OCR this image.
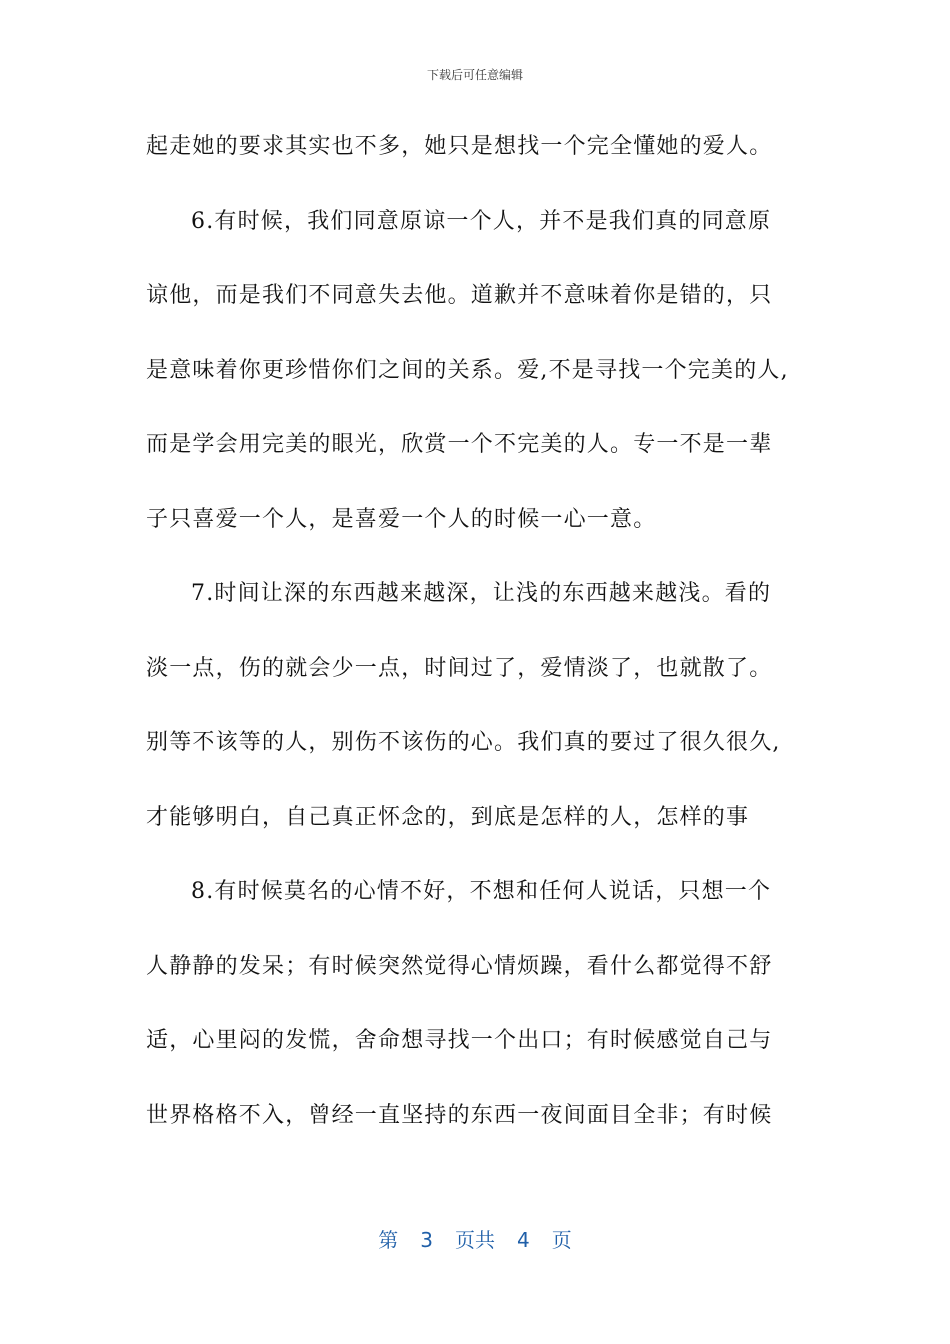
下载后可任意编辑
起走她的要求其实也不多，她只是想找一个完全懂她的爱人。
6.有时候，我们同意原谅一个人，并不是我们真的同意原
谅他，而是我们不同意失去他。道歉并不意味着你是错的，只
是意味着你更珍惜你们之间的关系。爱,不是寻找一个完美的人,
而是学会用完美的眼光，欣赏一个不完美的人。专一不是一辈
子只喜爱一个人，是喜爱一个人的时候一心一意。
7.时间让深的东西越来越深，让浅的东西越来越浅。看的
淡一点，伤的就会少一点，时间过了，爱情淡了，也就散了。
别等不该等的人，别伤不该伤的心。我们真的要过了很久很久,
才能够明白，自己真正怀念的，到底是怎样的人，怎样的事
8.有时候莫名的心情不好，不想和任何人说话，只想一个
人静静的发呆；有时候突然觉得心情烦躁，看什么都觉得不舒
适，心里闷的发慌，舍命想寻找一个出口；有时候感觉自己与
世界格格不入，曾经一直坚持的东西一夜间面目全非；有时候
第 3 页共 4 页
